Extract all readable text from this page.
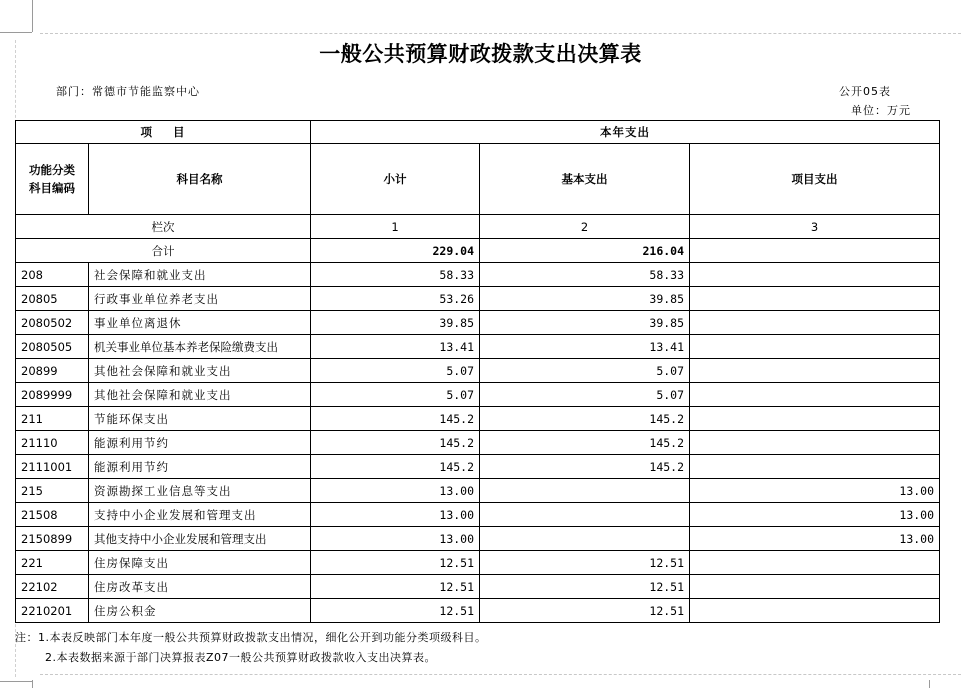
一般公共预算财政拨款支出决算表
部门：常德市节能监察中心	公开05表
单位：万元
项    目		本年支出		
功能分类
科目编码	科目名称	小计	基本支出	项目支出
栏次		1	2	3
合计		229.04	216.04	
208	社会保障和就业支出	58.33	58.33	
20805	行政事业单位养老支出	53.26	39.85	
2080502	事业单位离退休	39.85	39.85	
2080505	机关事业单位基本养老保险缴费支出	13.41	13.41	
20899	其他社会保障和就业支出	5.07	5.07	
2089999	其他社会保障和就业支出	5.07	5.07	
211	节能环保支出	145.2	145.2	
21110	能源利用节约	145.2	145.2	
2111001	能源利用节约	145.2	145.2	
215	资源勘探工业信息等支出	13.00		13.00
21508	支持中小企业发展和管理支出	13.00		13.00
2150899	其他支持中小企业发展和管理支出	13.00		13.00
221	住房保障支出	12.51	12.51	
22102	住房改革支出	12.51	12.51	
2210201	住房公积金	12.51	12.51	
注：1.本表反映部门本年度一般公共预算财政拨款支出情况，细化公开到功能分类项级科目。
2.本表数据来源于部门决算报表Z07一般公共预算财政拨款收入支出决算表。
